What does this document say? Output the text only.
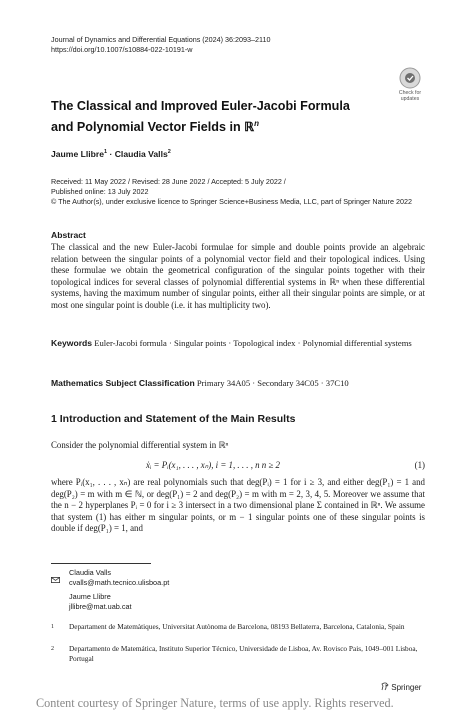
Journal of Dynamics and Differential Equations (2024) 36:2093–2110
https://doi.org/10.1007/s10884-022-10191-w
Check for
updates
The Classical and Improved Euler-Jacobi Formula
and Polynomial Vector Fields in ℝ$^n$
Jaume Llibre$^1$ · Claudia Valls$^2$
Received: 11 May 2022 / Revised: 28 June 2022 / Accepted: 5 July 2022 /
Published online: 13 July 2022
© The Author(s), under exclusive licence to Springer Science+Business Media, LLC, part of Springer Nature 2022
Abstract
The classical and the new Euler-Jacobi formulae for simple and double points provide an algebraic relation between the singular points of a polynomial vector field and their topological indices. Using these formulae we obtain the geometrical configuration of the singular points together with their topological indices for several classes of polynomial differential systems in ℝⁿ when these differential systems, having the maximum number of singular points, either all their singular points are simple, or at most one singular point is double (i.e. it has multiplicity two).
Keywords Euler-Jacobi formula · Singular points · Topological index · Polynomial differential systems
Mathematics Subject Classification Primary 34A05 · Secondary 34C05 · 37C10
1 Introduction and Statement of the Main Results
Consider the polynomial differential system in ℝⁿ
ẋᵢ = Pᵢ(x₁, . . . , xₙ), i = 1, . . . , n n ≥ 2	(1)
where Pᵢ(x₁, . . . , xₙ) are real polynomials such that deg(Pᵢ) = 1 for i ≥ 3, and either deg(P₁) = 1 and deg(P₂) = m with m ∈ ℕ, or deg(P₁) = 2 and deg(P₂) = m with m = 2, 3, 4, 5. Moreover we assume that the n − 2 hyperplanes Pᵢ = 0 for i ≥ 3 intersect in a two dimensional plane Σ contained in ℝⁿ. We assume that system (1) has either m singular points, or m − 1 singular points one of these singular points is double if deg(P₁) = 1, and
Claudia Valls
cvalls@math.tecnico.ulisboa.pt
Jaume Llibre
jllibre@mat.uab.cat
1	Departament de Matemàtiques, Universitat Autònoma de Barcelona, 08193 Bellaterra, Barcelona, Catalonia, Spain
2	Departamento de Matemática, Instituto Superior Técnico, Universidade de Lisboa, Av. Rovisco Pais, 1049–001 Lisboa, Portugal
Springer
Content courtesy of Springer Nature, terms of use apply. Rights reserved.
